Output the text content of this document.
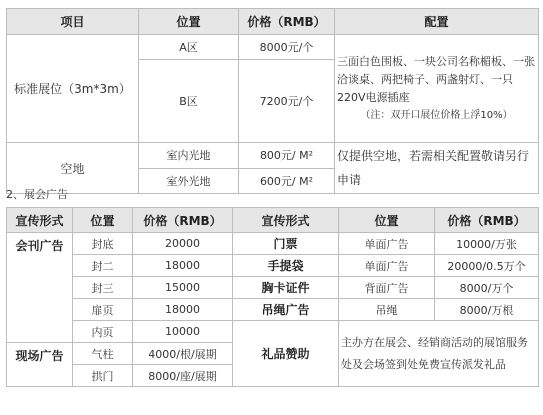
项目	位置	价格（RMB）	配置
标准展位（3m*3m）	A区	8000元/个	三面白色围板、一块公司名称楣板、一张洽谈桌、两把椅子、两盏射灯、一只220V电源插座
（注：双开口展位价格上浮10%）

	B区	7200元/个	
空地	室内光地	800元/ M²	仅提供空地，若需相关配置敬请另行申请
	室外光地	600元/ M²	
2、展会广告
宣传形式	位置	价格（RMB）	宣传形式	位置	价格（RMB）
会刊广告	封底	20000	门票	单面广告	10000/万张
	封二	18000	手提袋	单面广告	20000/0.5万个
	封三	15000	胸卡证件	背面广告	8000/万个
	扉页	18000	吊绳广告	吊绳	8000/万根
	内页	10000	礼品赞助	主办方在展会、经销商活动的展馆服务处及会场签到处免费宣传派发礼品	
现场广告	气柱	4000/根/展期			
	拱门	8000/座/展期			
